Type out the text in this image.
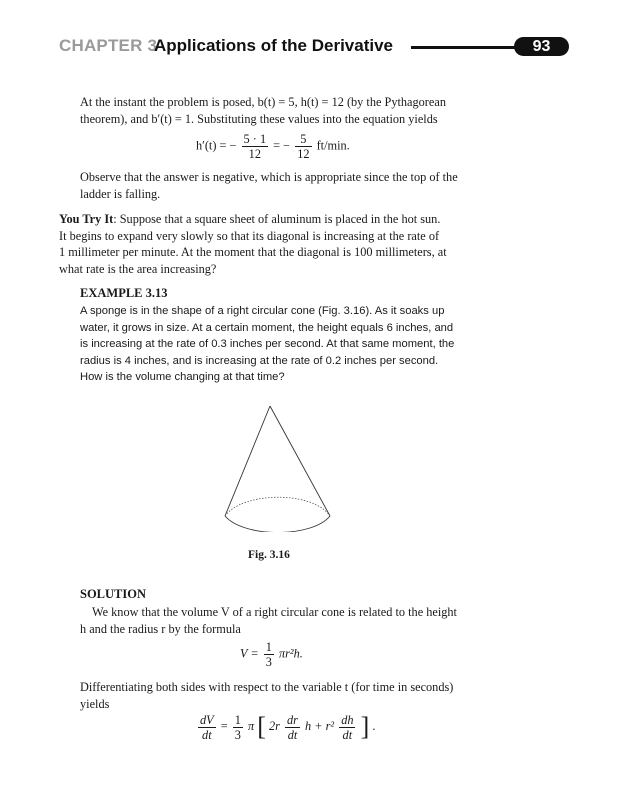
CHAPTER 3
Applications of the Derivative	93

At the instant the problem is posed, b(t) = 5, h(t) = 12 (by the Pythagorean
theorem), and b′(t) = 1. Substituting these values into the equation yields

h′(t) = − $\frac{5 \cdot 1}{12}$ = − $\frac{5}{12} ft/\min$.

Observe that the answer is negative, which is appropriate since the top of the
ladder is falling.

You Try It: Suppose that a square sheet of aluminum is placed in the hot sun.
It begins to expand very slowly so that its diagonal is increasing at the rate of
1 millimeter per minute. At the moment that the diagonal is 100 millimeters, at
what rate is the area increasing?

EXAMPLE 3.13

A sponge is in the shape of a right circular cone (Fig. 3.16). As it soaks up
water, it grows in size. At a certain moment, the height equals 6 inches, and
is increasing at the rate of 0.3 inches per second. At that same moment, the
radius is 4 inches, and is increasing at the rate of 0.2 inches per second.
How is the volume changing at that time?

Fig. 3.16
SOLUTION

We know that the volume V of a right circular cone is related to the height
h and the radius r by the formula

$V = \frac{1}{3} \pi r^2h$.

Differentiating both sides with respect to the variable t (for time in seconds)
yields

$\frac{dV}{dt} = \frac{1}{3}$ π [ $2r \frac{dr}{dt}$ $h + r^2 \frac{dh}{dt}$ ] .
